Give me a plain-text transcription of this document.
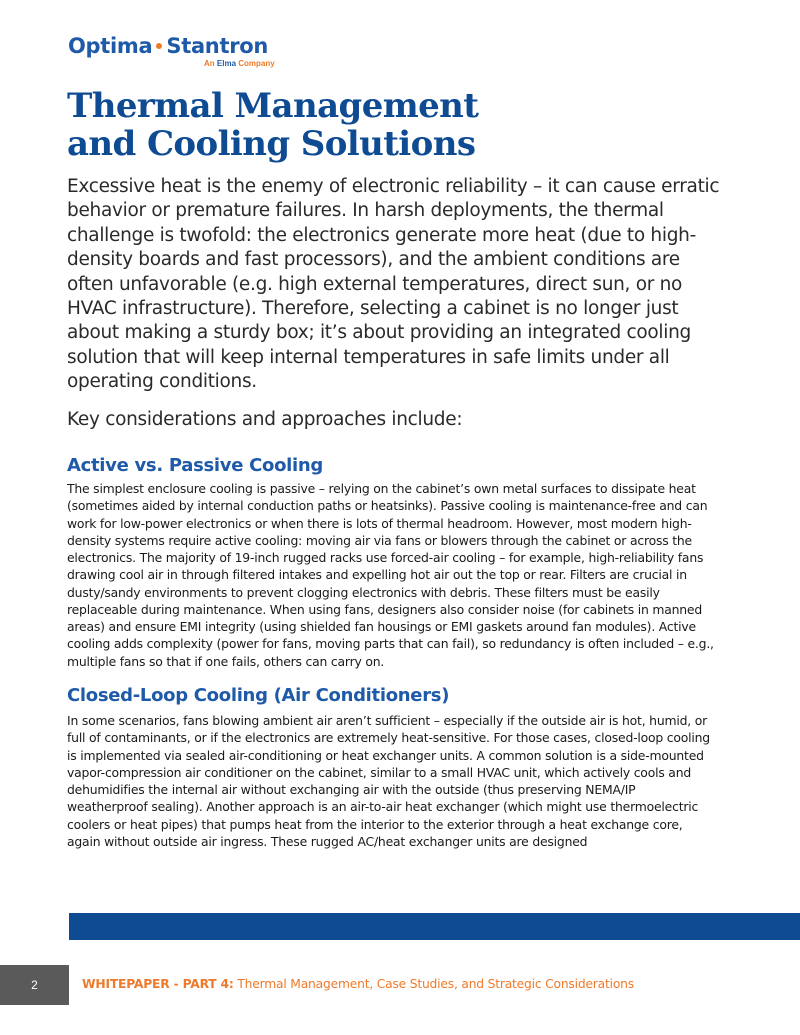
Optima Stantron
An Elma Company
Thermal Management
and Cooling Solutions

Excessive heat is the enemy of electronic reliability – it can cause erratic behavior or premature failures. In harsh deployments, the thermal challenge is twofold: the electronics generate more heat (due to high-density boards and fast processors), and the ambient conditions are often unfavorable (e.g. high external temperatures, direct sun, or no HVAC infrastructure). Therefore, selecting a cabinet is no longer just about making a sturdy box; it’s about providing an integrated cooling solution that will keep internal temperatures in safe limits under all operating conditions.

Key considerations and approaches include:

Active vs. Passive Cooling

The simplest enclosure cooling is passive – relying on the cabinet’s own metal surfaces to dissipate heat (sometimes aided by internal conduction paths or heatsinks). Passive cooling is maintenance-free and can work for low-power electronics or when there is lots of thermal headroom. However, most modern high-density systems require active cooling: moving air via fans or blowers through the cabinet or across the electronics. The majority of 19-inch rugged racks use forced-air cooling – for example, high-reliability fans drawing cool air in through filtered intakes and expelling hot air out the top or rear. Filters are crucial in dusty/sandy environments to prevent clogging electronics with debris. These filters must be easily replaceable during maintenance. When using fans, designers also consider noise (for cabinets in manned areas) and ensure EMI integrity (using shielded fan housings or EMI gaskets around fan modules). Active cooling adds complexity (power for fans, moving parts that can fail), so redundancy is often included – e.g., multiple fans so that if one fails, others can carry on.

Closed-Loop Cooling (Air Conditioners)

In some scenarios, fans blowing ambient air aren’t sufficient – especially if the outside air is hot, humid, or full of contaminants, or if the electronics are extremely heat-sensitive. For those cases, closed-loop cooling is implemented via sealed air-conditioning or heat exchanger units. A common solution is a side-mounted vapor-compression air conditioner on the cabinet, similar to a small HVAC unit, which actively cools and dehumidifies the internal air without exchanging air with the outside (thus preserving NEMA/IP weatherproof sealing). Another approach is an air-to-air heat exchanger (which might use thermoelectric coolers or heat pipes) that pumps heat from the interior to the exterior through a heat exchange core, again without outside air ingress. These rugged AC/heat exchanger units are designed

2	WHITEPAPER - PART 4: Thermal Management, Case Studies, and Strategic Considerations
